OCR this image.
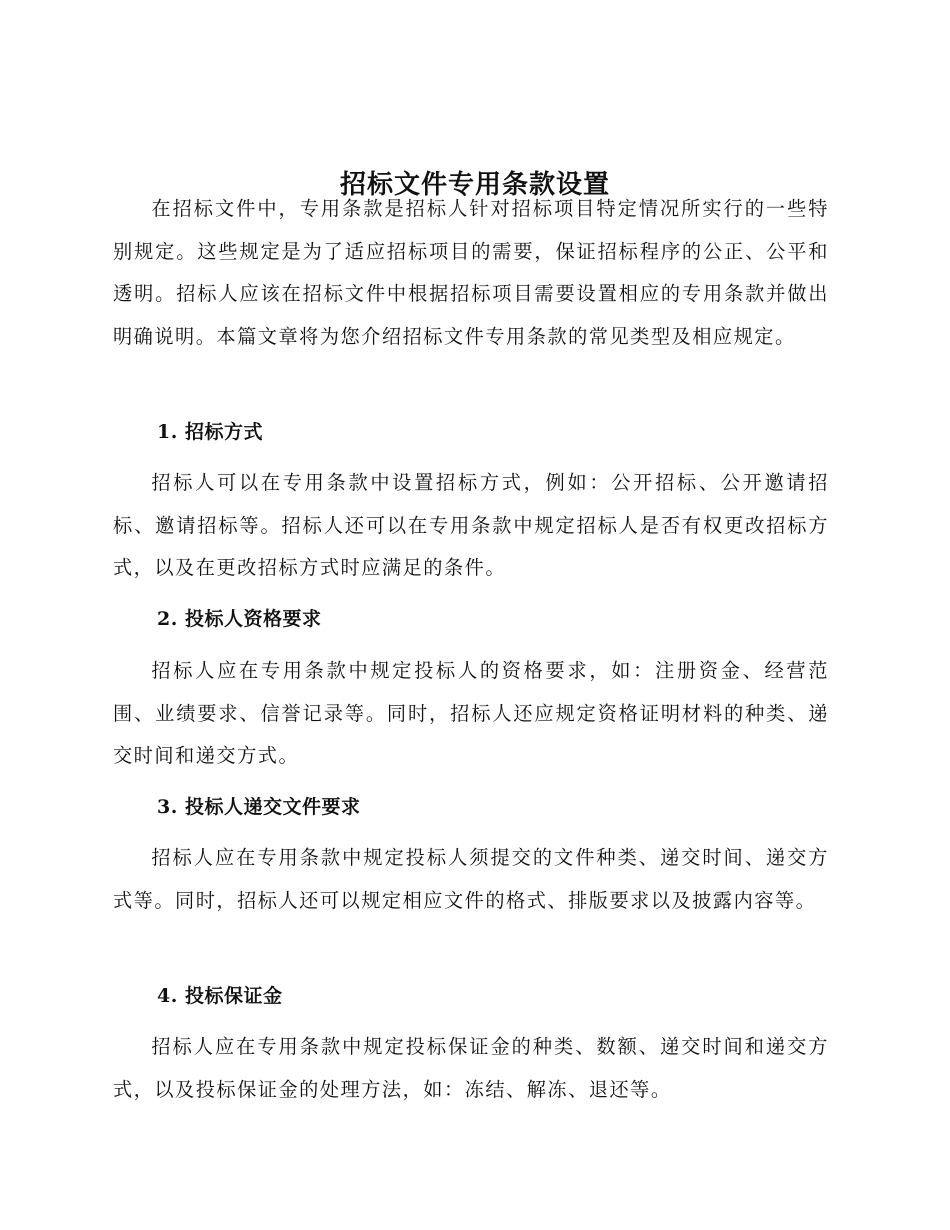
招标文件专用条款设置

在招标文件中，专用条款是招标人针对招标项目特定情况所实行的一些特别规定。这些规定是为了适应招标项目的需要，保证招标程序的公正、公平和透明。招标人应该在招标文件中根据招标项目需要设置相应的专用条款并做出明确说明。本篇文章将为您介绍招标文件专用条款的常见类型及相应规定。

1. 招标方式

招标人可以在专用条款中设置招标方式，例如：公开招标、公开邀请招标、邀请招标等。招标人还可以在专用条款中规定招标人是否有权更改招标方式，以及在更改招标方式时应满足的条件。

2. 投标人资格要求

招标人应在专用条款中规定投标人的资格要求，如：注册资金、经营范围、业绩要求、信誉记录等。同时，招标人还应规定资格证明材料的种类、递交时间和递交方式。

3. 投标人递交文件要求

招标人应在专用条款中规定投标人须提交的文件种类、递交时间、递交方式等。同时，招标人还可以规定相应文件的格式、排版要求以及披露内容等。

4. 投标保证金

招标人应在专用条款中规定投标保证金的种类、数额、递交时间和递交方式，以及投标保证金的处理方法，如：冻结、解冻、退还等。
